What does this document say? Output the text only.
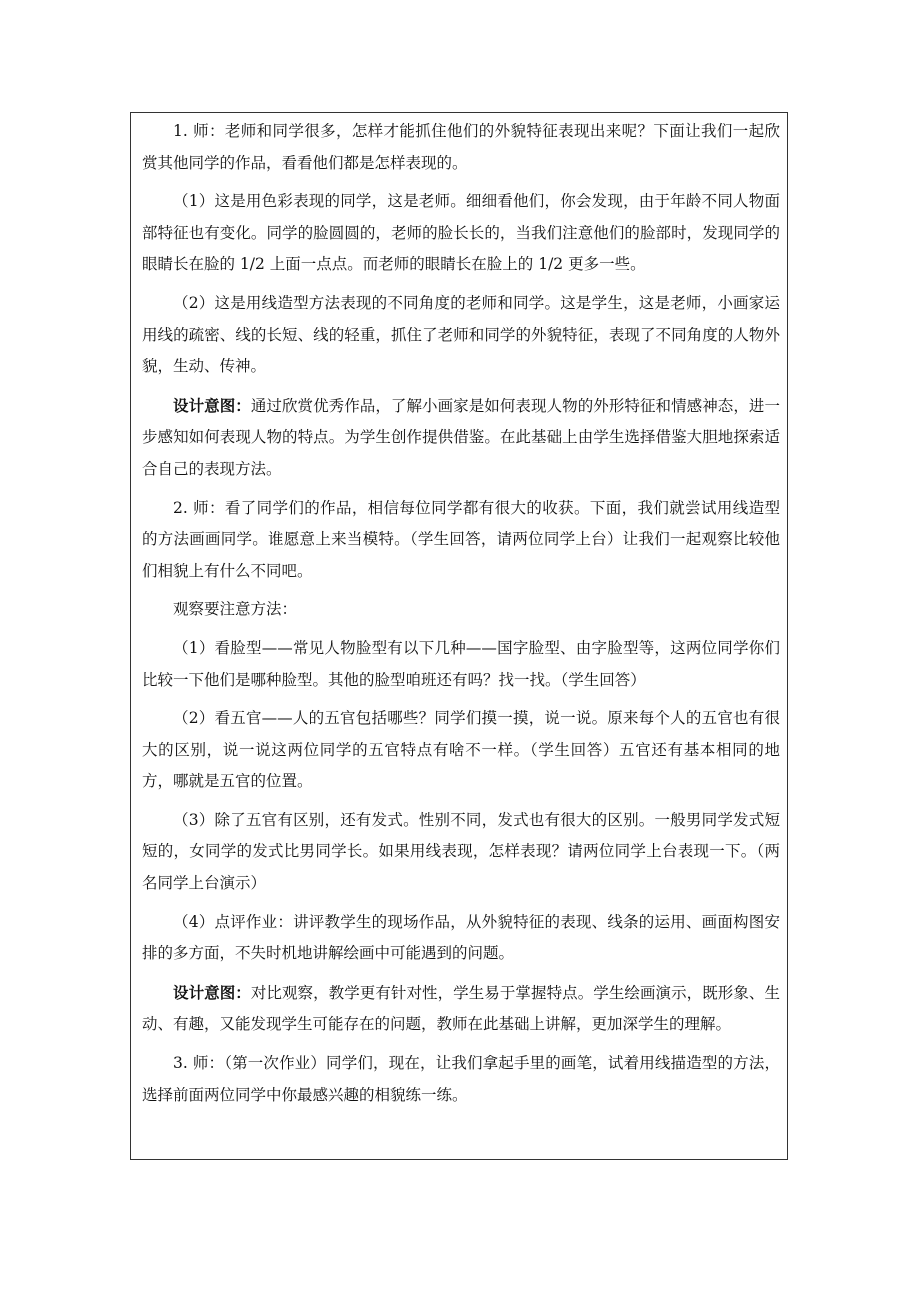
1. 师：老师和同学很多，怎样才能抓住他们的外貌特征表现出来呢？下面让我们一起欣赏其他同学的作品，看看他们都是怎样表现的。

（1）这是用色彩表现的同学，这是老师。细细看他们，你会发现，由于年龄不同人物面部特征也有变化。同学的脸圆圆的，老师的脸长长的，当我们注意他们的脸部时，发现同学的眼睛长在脸的 1/2 上面一点点。而老师的眼睛长在脸上的 1/2 更多一些。

（2）这是用线造型方法表现的不同角度的老师和同学。这是学生，这是老师，小画家运用线的疏密、线的长短、线的轻重，抓住了老师和同学的外貌特征，表现了不同角度的人物外貌，生动、传神。

设计意图：通过欣赏优秀作品，了解小画家是如何表现人物的外形特征和情感神态，进一步感知如何表现人物的特点。为学生创作提供借鉴。在此基础上由学生选择借鉴大胆地探索适合自己的表现方法。

2. 师：看了同学们的作品，相信每位同学都有很大的收获。下面，我们就尝试用线造型的方法画画同学。谁愿意上来当模特。（学生回答，请两位同学上台）让我们一起观察比较他们相貌上有什么不同吧。

观察要注意方法：

（1）看脸型——常见人物脸型有以下几种——国字脸型、由字脸型等，这两位同学你们比较一下他们是哪种脸型。其他的脸型咱班还有吗？找一找。（学生回答）

（2）看五官——人的五官包括哪些？同学们摸一摸，说一说。原来每个人的五官也有很大的区别，说一说这两位同学的五官特点有啥不一样。（学生回答）五官还有基本相同的地方，哪就是五官的位置。

（3）除了五官有区别，还有发式。性别不同，发式也有很大的区别。一般男同学发式短短的，女同学的发式比男同学长。如果用线表现，怎样表现？请两位同学上台表现一下。（两名同学上台演示）

（4）点评作业：讲评教学生的现场作品，从外貌特征的表现、线条的运用、画面构图安排的多方面，不失时机地讲解绘画中可能遇到的问题。

设计意图：对比观察，教学更有针对性，学生易于掌握特点。学生绘画演示，既形象、生动、有趣，又能发现学生可能存在的问题，教师在此基础上讲解，更加深学生的理解。

3. 师：（第一次作业）同学们，现在，让我们拿起手里的画笔，试着用线描造型的方法，选择前面两位同学中你最感兴趣的相貌练一练。
